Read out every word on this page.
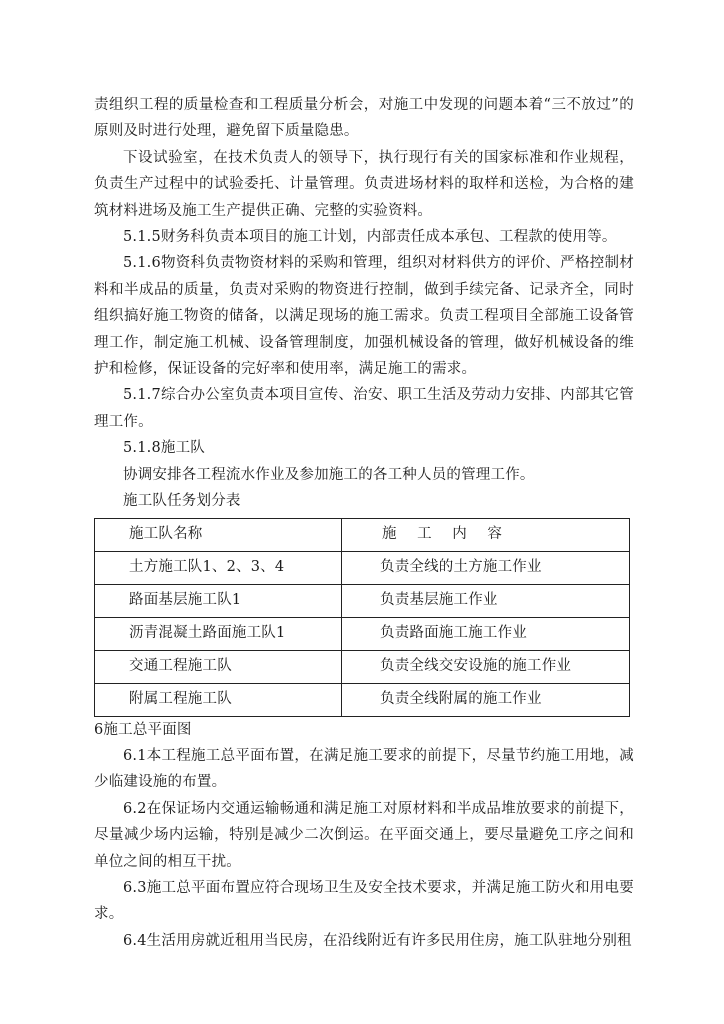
责组织工程的质量检查和工程质量分析会，对施工中发现的问题本着“三不放过”的原则及时进行处理，避免留下质量隐患。

下设试验室，在技术负责人的领导下，执行现行有关的国家标准和作业规程，负责生产过程中的试验委托、计量管理。负责进场材料的取样和送检，为合格的建筑材料进场及施工生产提供正确、完整的实验资料。

5.1.5财务科负责本项目的施工计划，内部责任成本承包、工程款的使用等。

5.1.6物资科负责物资材料的采购和管理，组织对材料供方的评价、严格控制材料和半成品的质量，负责对采购的物资进行控制，做到手续完备、记录齐全，同时组织搞好施工物资的储备，以满足现场的施工需求。负责工程项目全部施工设备管理工作，制定施工机械、设备管理制度，加强机械设备的管理，做好机械设备的维护和检修，保证设备的完好率和使用率，满足施工的需求。

5.1.7综合办公室负责本项目宣传、治安、职工生活及劳动力安排、内部其它管理工作。

5.1.8施工队

协调安排各工程流水作业及参加施工的各工种人员的管理工作。

施工队任务划分表

施工队名称	施 工 内 容
土方施工队1、2、3、4	负责全线的土方施工作业
路面基层施工队1	负责基层施工作业
沥青混凝土路面施工队1	负责路面施工施工作业
交通工程施工队	负责全线交安设施的施工作业
附属工程施工队	负责全线附属的施工作业

6施工总平面图

6.1本工程施工总平面布置，在满足施工要求的前提下，尽量节约施工用地，减少临建设施的布置。

6.2在保证场内交通运输畅通和满足施工对原材料和半成品堆放要求的前提下，尽量减少场内运输，特别是减少二次倒运。在平面交通上，要尽量避免工序之间和单位之间的相互干扰。

6.3施工总平面布置应符合现场卫生及安全技术要求，并满足施工防火和用电要求。

6.4生活用房就近租用当民房，在沿线附近有许多民用住房，施工队驻地分别租
